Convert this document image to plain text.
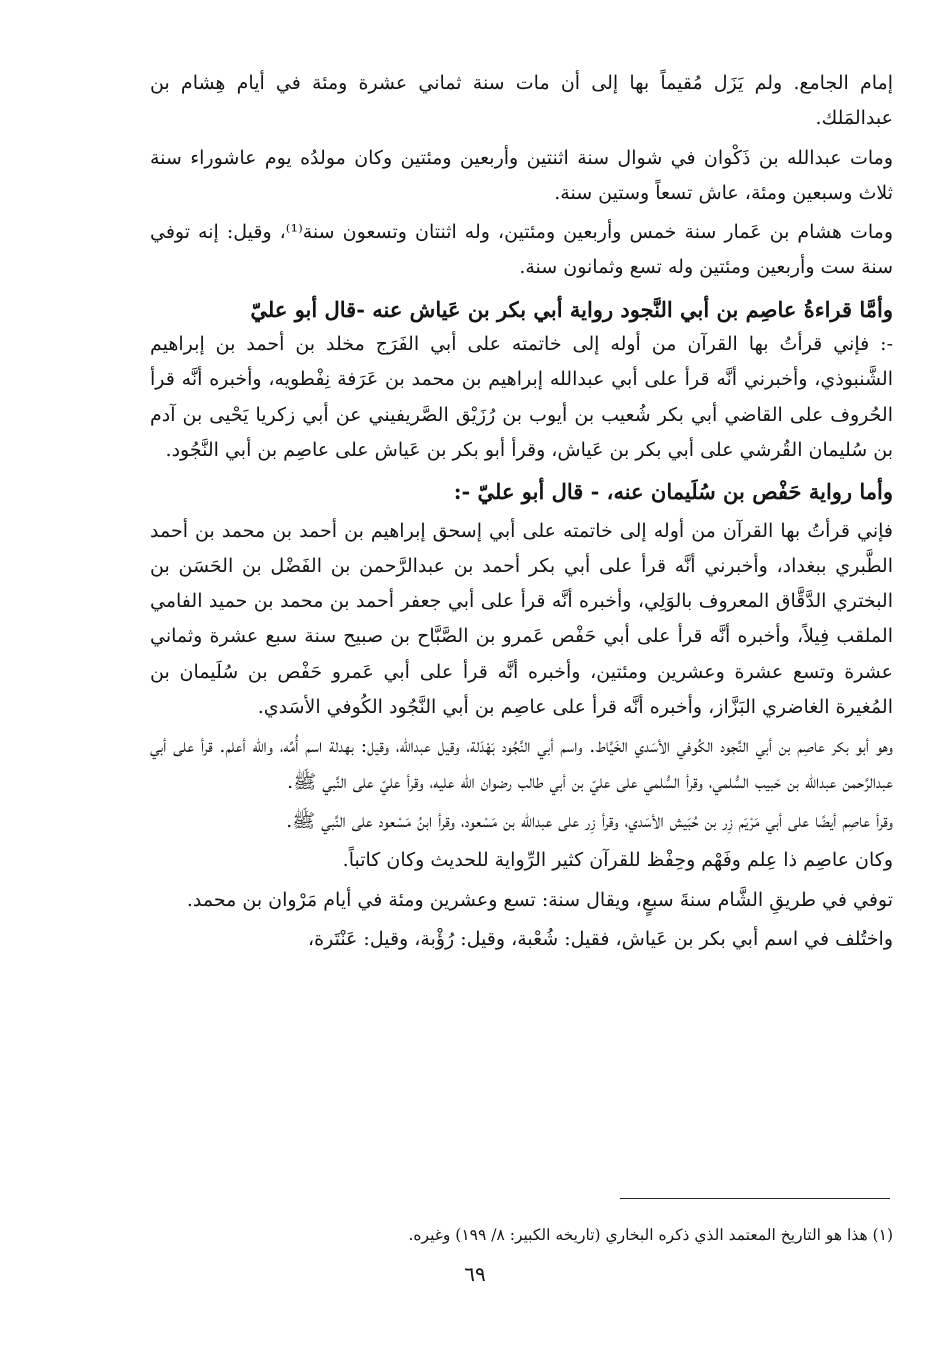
إمام الجامع. ولم يَزَل مُقيماً بها إلى أن مات سنة ثماني عشرة ومئة في أيام هِشام بن عبدالمَلك.

ومات عبدالله بن ذَكْوان في شوال سنة اثنتين وأربعين ومئتين وكان مولدُه يوم عاشوراء سنة ثلاث وسبعين ومئة، عاش تسعاً وستين سنة.

ومات هشام بن عَمار سنة خمس وأربعين ومئتين، وله اثنتان وتسعون سنة⁽¹⁾، وقيل: إنه توفي سنة ست وأربعين ومئتين وله تسع وثمانون سنة.

وأمَّا قراءةُ عاصِم بن أبي النَّجود رواية أبي بكر بن عَياش عنه -قال أبو عليّ

-: فإني قرأتُ بها القرآن من أوله إلى خاتمته على أبي الفَرَج مخلد بن أحمد بن إبراهيم الشَّنبوذي، وأخبرني أنَّه قرأ على أبي عبدالله إبراهيم بن محمد بن عَرَفة نِفْطويه، وأخبره أنَّه قرأ الحُروف على القاضي أبي بكر شُعيب بن أيوب بن رُزَيْق الصَّريفيني عن أبي زكريا يَحْيى بن آدم بن سُليمان القُرشي على أبي بكر بن عَياش، وقرأ أبو بكر بن عَياش على عاصِم بن أبي النَّجُود.

وأما رواية حَفْص بن سُلَيمان عنه، - قال أبو عليّ -:

فإني قرأتُ بها القرآن من أوله إلى خاتمته على أبي إسحق إبراهيم بن أحمد بن محمد بن أحمد الطَّبري ببغداد، وأخبرني أنَّه قرأ على أبي بكر أحمد بن عبدالرَّحمن بن الفَضْل بن الحَسَن بن البختري الدَّقَّاق المعروف بالوَلِي، وأخبره أنَّه قرأ على أبي جعفر أحمد بن محمد بن حميد الفامي الملقب فِيلاً، وأخبره أنَّه قرأ على أبي حَفْص عَمرو بن الصَّبَّاح بن صبيح سنة سبع عشرة وثماني عشرة وتسع عشرة وعشرين ومئتين، وأخبره أنَّه قرأ على أبي عَمرو حَفْص بن سُلَيمان بن المُغيرة الغاضري البَزَّاز، وأخبره أنَّه قرأ على عاصِم بن أبي النَّجُود الكُوفي الأسَدي.

وهو أبو بكر عاصِم بن أبي النَّجود الكُوفي الأسَدي الخَيَّاط. واسم أبي النَّجُود بَهْدَلة، وقيل عبدالله، وقيل: بهدلة اسم أُمِّه، والله أعلم. قرأ على أبي عبدالرَّحمن عبدالله بن حَبيب السُّلمي، وقرأ السُّلمي على عليّ بن أبي طالب رضوان الله عليه، وقرأ عليّ على النَّبي ﷺ.

وقرأ عاصِم أيضًا على أبي مَرْيَم زِر بن حُبَيش الأسَدي، وقرأ زِر على عبدالله بن مَسْعود، وقرأ ابنُ مَسْعود على النَّبي ﷺ.

وكان عاصِم ذا عِلم وفَهْم وحِفْظ للقرآن كثير الرِّواية للحديث وكان كاتباً.

توفي في طريقِ الشَّام سنةَ سبعٍ، ويقال سنة: تسع وعشرين ومئة في أيام مَرْوان بن محمد.

واختُلف في اسم أبي بكر بن عَياش، فقيل: شُعْبة، وقيل: رُؤْبة، وقيل: عَنْتَرة،

(١) هذا هو التاريخ المعتمد الذي ذكره البخاري (تاريخه الكبير: ٨/ ١٩٩) وغيره.

٦٩
